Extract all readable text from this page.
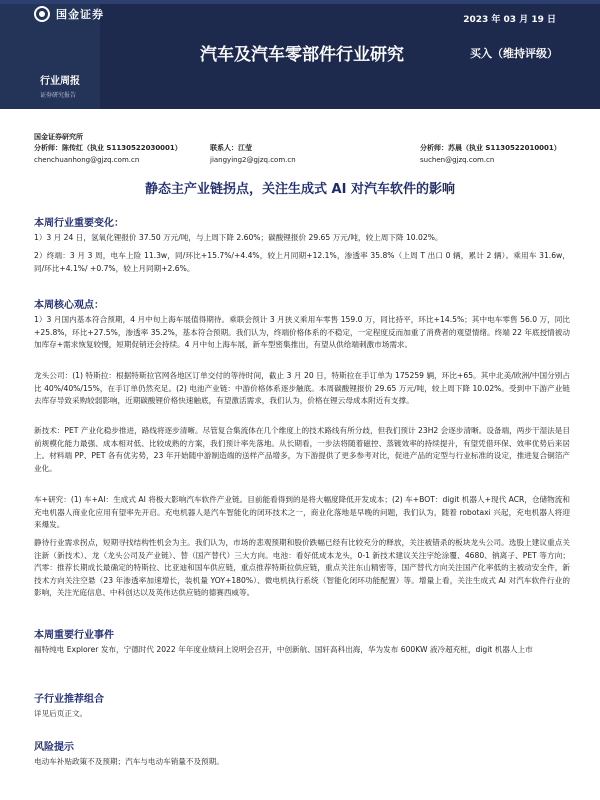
国金证券	2023 年 03 月 19 日
汽车及汽车零部件行业研究	买入（维持评级）
行业周报
证券研究报告
国金证券研究所
分析师：陈传红（执业 S1130522030001）	联系人：江莹	分析师：苏晨（执业 S1130522010001）
chenchuanhong@gjzq.com.cn	jiangying2@gjzq.com.cn	suchen@gjzq.com.cn
静态主产业链拐点，关注生成式 AI 对汽车软件的影响
本周行业重要变化：
1）3 月 24 日，氢氧化锂报价 37.50 万元/吨，与上周下降 2.60%；碳酸锂报价 29.65 万元/吨，较上周下降 10.02%。
2）终端：3 月 3 周，电车上险 11.3w，同/环比+15.7%/+4.4%，较上月同期+12.1%，渗透率 35.8%（上周 T 出口 0 辆，累计 2 辆）。乘用车 31.6w，同/环比+4.1%/ +0.7%，较上月同期+2.6%。
本周核心观点：
1）3 月国内基本符合预期，4 月中旬上海车展值得期待。乘联会预计 3 月狭义乘用车零售 159.0 万，同比持平，环比+14.5%；其中电车零售 56.0 万，同比+25.8%，环比+27.5%，渗透率 35.2%，基本符合预期。我们认为，终端价格体系的不稳定，一定程度反而加重了消费者的观望情绪。终端 22 年底授情被动加库存+需求恢复较慢，短期促销还会持续。4 月中旬上海车展，新车型密集推出，有望从供给端刺激市场需求。
龙头公司：(1) 特斯拉：根据特斯拉官网各地区订单交付的等待时间，截止 3 月 20 日，特斯拉在手订单为 175259 辆，环比+65。其中北美/欧洲/中国分别占比 40%/40%/15%，在手订单仍然充足。(2) 电池产业链：中游价格体系逐步触底。本周碳酸锂报价 29.65 万元/吨，较上周下降 10.02%。受到中下游产业链去库存导致采购较弱影响，近期碳酸锂价格快速触底，有望激活需求，我们认为，价格在锂云母成本附近有支撑。
新技术：PET 产业化稳步推进，路线将逐步清晰。尽管复合集流体在几个维度上的技术路线有所分歧，但我们预计 23H2 会逐步清晰。设备端，两步干湿法是目前规模化能力最强、成本相对低、比较成熟的方案，我们预计率先落地。从长期看，一步法将随着磁控、蒸镀效率的持续提升，有望凭借环保、效率优势后来居上。材料端 PP、PET 各有优劣势，23 年开始随中游制造端的送样产品增多，为下游提供了更多参考对比，促进产品的定型与行业标准的设定，推进复合铜箔产业化。
车+研究：(1) 车+AI：生成式 AI 将极大影响汽车软件产业链。目前能看得到的是将大幅度降低开发成本；(2) 车+BOT：digit 机器人+现代 ACR，仓储物流和充电机器人商业化应用有望率先开启。充电机器人是汽车智能化的闭环技术之一，商业化落地是早晚的问题，我们认为，随着 robotaxi 兴起，充电机器人将迎来爆发。
静待行业需求拐点，短期寻找结构性机会为主。我们认为，市场的悲观预期和股价跌幅已经有比较充分的释放，关注被错杀的板块龙头公司。选股上建议重点关注新（新技术）、龙（龙头公司及产业链）、替（国产替代）三大方向。电池：看好低成本龙头，0-1 新技术建议关注宇纶涂覆、4680、钠离子、PET 等方向；汽零：推荐长期成长最确定的特斯拉、比亚迪和国车供应链，重点推荐特斯拉供应链，重点关注东山精密等，国产替代方向关注国产化率低的主被动安全件，新技术方向关注空悬（23 年渗透率加速增长，装机量 YOY+180%）、微电机执行系统（智能化闭环功能配置）等。增量上看，关注生成式 AI 对汽车软件行业的影响，关注光庭信息、中科创达以及英伟达供应链的德赛西威等。
本周重要行业事件
福特纯电 Explorer 发布，宁德时代 2022 年年度业绩问上说明会召开，中创新航、国轩高科出海，华为发布 600KW 液冷超充桩，digit 机器人上市
子行业推荐组合
详见后页正文。
风险提示
电动车补贴政策不及预期；汽车与电动车销量不及预期。
